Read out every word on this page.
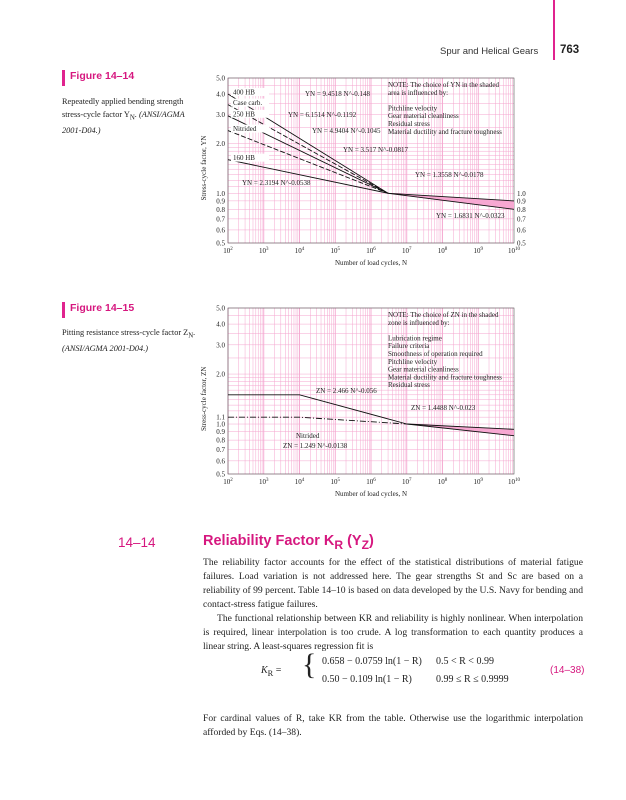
Spur and Helical Gears 763
Figure 14–14
Repeatedly applied bending strength stress-cycle factor $Y_N$. (ANSI/AGMA 2001-D04.)
Figure 14–15
Pitting resistance stress-cycle factor $Z_N$. (ANSI/AGMA 2001-D04.)
$10^2$	$10^3$	$10^4$	$10^5$	$10^6$	$10^7$	$10^8$	$10^9$	$10^{10}$
5.0
4.0
3.0
2.0
1.0
0.9
0.8
0.7
0.6
0.5
1.0
0.9
0.8
0.7
0.6
0.5
Number of load cycles, N
Stress-cycle factor, YN
NOTE: The choice of YN in the shaded
area is influenced by:
Pitchline velocity
Gear material cleanliness
Residual stress
Material ductility and fracture toughness
400 HB
Case carb.
250 HB
Nitrided
160 HB
YN = 9.4518 N^-0.148
YN = 6.1514 N^-0.1192
YN = 4.9404 N^-0.1045
YN = 3.517 N^-0.0817
YN = 2.3194 N^-0.0538
YN = 1.3558 N^-0.0178
YN = 1.6831 N^-0.0323
$10^2$	$10^3$	$10^4$	$10^5$	$10^6$	$10^7$	$10^8$	$10^9$	$10^{10}$
5.0
4.0
3.0
2.0
1.1
1.0
0.9
0.8
0.7
0.6
0.5
Number of load cycles, N
Stress-cycle factor, ZN
NOTE: The choice of ZN in the shaded
zone is influenced by:
Lubrication regime
Failure criteria
Smoothness of operation required
Pitchline velocity
Gear material cleanliness
Material ductility and fracture toughness
Residual stress
Nitrided
ZN = 1.249 N^-0.0138
ZN = 2.466 N^-0.056
ZN = 1.4488 N^-0.023
14–14	Reliability Factor $K_R$ $(Y_Z)$
The reliability factor accounts for the effect of the statistical distributions of material fatigue failures. Load variation is not addressed here. The gear strengths St and Sc are based on a reliability of 99 percent. Table 14–10 is based on data developed by the U.S. Navy for bending and contact-stress fatigue failures.
The functional relationship between KR and reliability is highly nonlinear. When interpolation is required, linear interpolation is too crude. A log transformation to each quantity produces a linear string. A least-squares regression fit is
$K_R$ = { 0.658 − 0.0759 ln(1 − R) 0.5 < R < 0.99
0.50 − 0.109 ln(1 − R) 0.99 ≤ R ≤ 0.9999
(14–38)
For cardinal values of R, take KR from the table. Otherwise use the logarithmic interpolation afforded by Eqs. (14–38).
